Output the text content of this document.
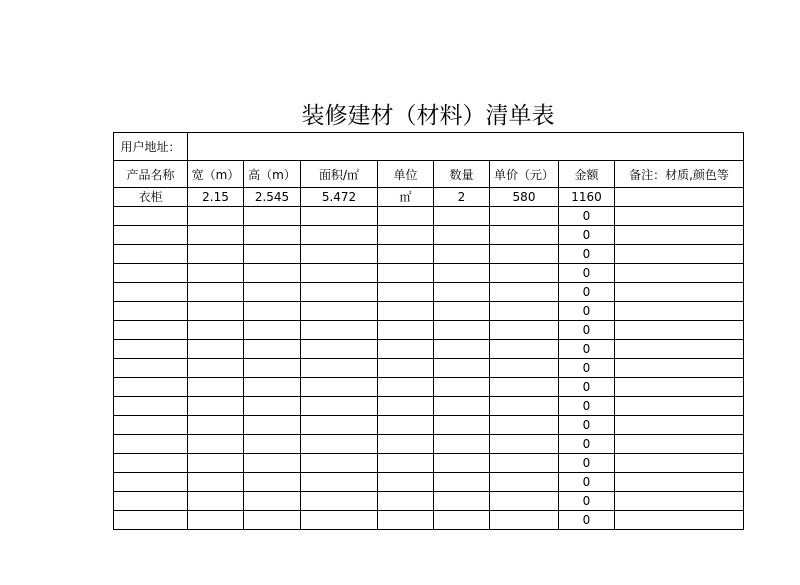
装修建材（材料）清单表
用户地址：								
产品名称	宽（m）	高（m）	面积/㎡	单位	数量	单价（元）	金额	备注：材质,颜色等
衣柜	2.15	2.545	5.472	㎡	2	580	1160	
							0	
							0	
							0	
							0	
							0	
							0	
							0	
							0	
							0	
							0	
							0	
							0	
							0	
							0	
							0	
							0	
							0	
